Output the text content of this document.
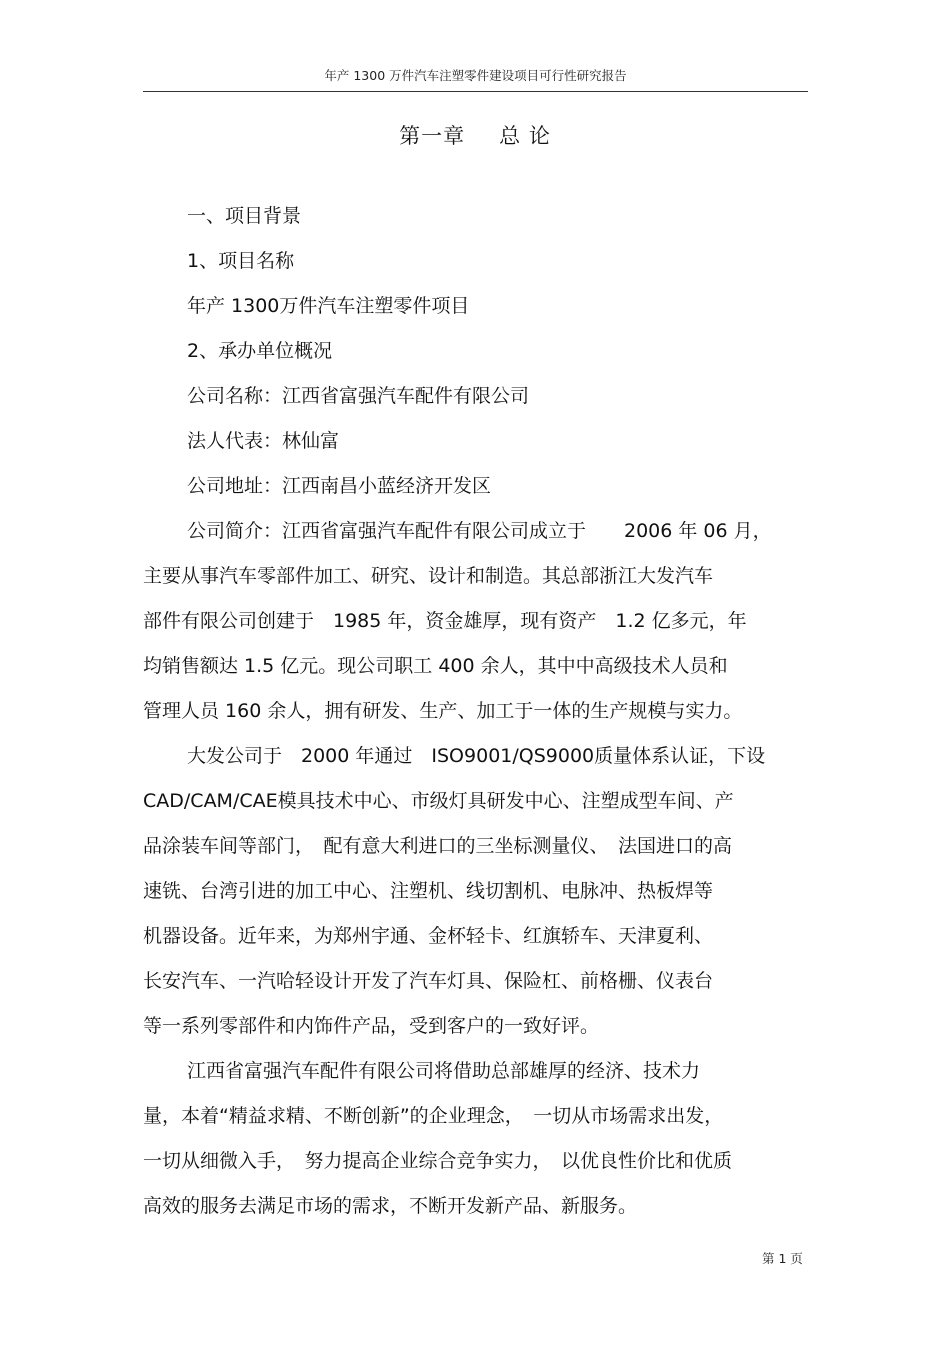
年产 1300 万件汽车注塑零件建设项目可行性研究报告
第一章 总 论
一、项目背景
1、项目名称
年产 1300万件汽车注塑零件项目
2、承办单位概况
公司名称：江西省富强汽车配件有限公司
法人代表：林仙富
公司地址：江西南昌小蓝经济开发区
公司简介：江西省富强汽车配件有限公司成立于　　2006 年 06 月，
主要从事汽车零部件加工、研究、设计和制造。其总部浙江大发汽车
部件有限公司创建于　1985 年，资金雄厚，现有资产　1.2 亿多元，年
均销售额达 1.5 亿元。现公司职工 400 余人，其中中高级技术人员和
管理人员 160 余人，拥有研发、生产、加工于一体的生产规模与实力。
大发公司于　2000 年通过　ISO9001/QS9000质量体系认证，下设
CAD/CAM/CAE模具技术中心、市级灯具研发中心、注塑成型车间、产
品涂装车间等部门，　配有意大利进口的三坐标测量仪、　法国进口的高
速铣、台湾引进的加工中心、注塑机、线切割机、电脉冲、热板焊等
机器设备。近年来，为郑州宇通、金杯轻卡、红旗轿车、天津夏利、
长安汽车、一汽哈轻设计开发了汽车灯具、保险杠、前格栅、仪表台
等一系列零部件和内饰件产品，受到客户的一致好评。
江西省富强汽车配件有限公司将借助总部雄厚的经济、技术力
量，本着“精益求精、不断创新”的企业理念，　一切从市场需求出发，
一切从细微入手，　努力提高企业综合竞争实力，　以优良性价比和优质
高效的服务去满足市场的需求，不断开发新产品、新服务。
第 1 页
